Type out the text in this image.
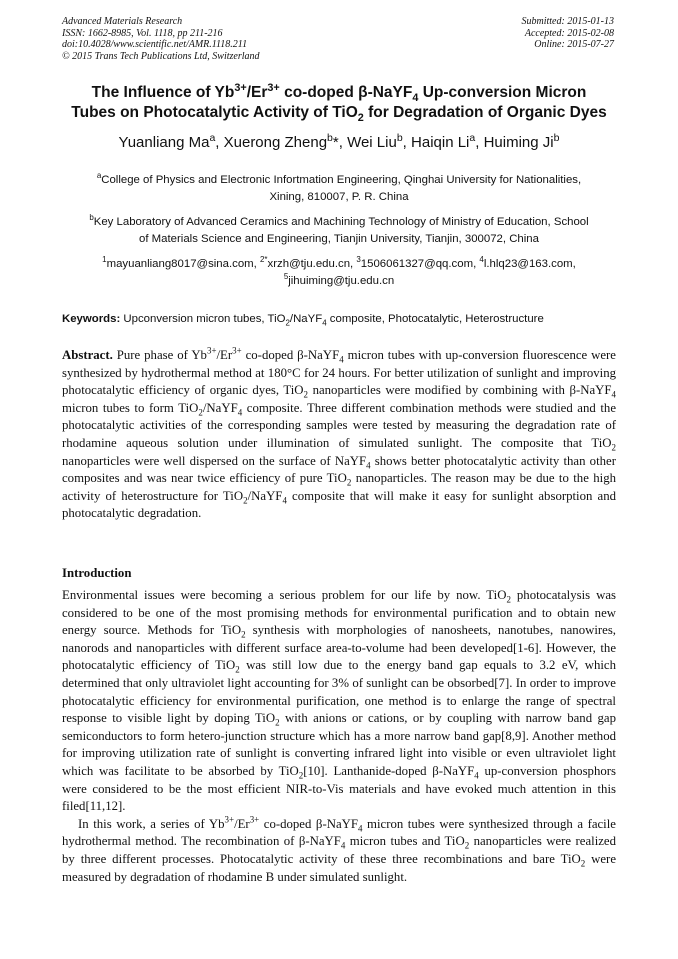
Advanced Materials Research
ISSN: 1662-8985, Vol. 1118, pp 211-216
doi:10.4028/www.scientific.net/AMR.1118.211
© 2015 Trans Tech Publications Ltd, Switzerland
Submitted: 2015-01-13
Accepted: 2015-02-08
Online: 2015-07-27
The Influence of $Yb^{3+}/Er^{3+}$ co-doped β-NaYF$_4$ Up-conversion Micron
Tubes on Photocatalytic Activity of TiO$_2$ for Degradation of Organic Dyes
Yuanliang Ma$^a$, Xuerong Zheng$^b$*, Wei Liu$^b$, Haiqin Li$^a$, Huiming Ji$^b$
$^a$College of Physics and Electronic Infortmation Engineering, Qinghai University for Nationalities,
Xining, 810007, P. R. China
$^b$Key Laboratory of Advanced Ceramics and Machining Technology of Ministry of Education, School
of Materials Science and Engineering, Tianjin University, Tianjin, 300072, China
$^1$mayuanliang8017@sina.com, $^{2*}$xrzh@tju.edu.cn, $^3$1506061327@qq.com, $^4$l.hlq23@163.com,
$^5$jihuiming@tju.edu.cn
Keywords: Upconversion micron tubes, TiO$_2$/NaYF$_4$ composite, Photocatalytic, Heterostructure
Abstract. Pure phase of $Yb^{3+}/Er^{3+}$ co-doped β-NaYF$_4$ micron tubes with up-conversion fluorescence were synthesized by hydrothermal method at 180°C for 24 hours. For better utilization of sunlight and improving photocatalytic efficiency of organic dyes, TiO$_2$ nanoparticles were modified by combining with β-NaYF$_4$ micron tubes to form TiO$_2$/NaYF$_4$ composite. Three different combination methods were studied and the photocatalytic activities of the corresponding samples were tested by measuring the degradation rate of rhodamine aqueous solution under illumination of simulated sunlight. The composite that TiO$_2$ nanoparticles were well dispersed on the surface of NaYF$_4$ shows better photocatalytic activity than other composites and was near twice efficiency of pure TiO$_2$ nanoparticles. The reason may be due to the high activity of heterostructure for TiO$_2$/NaYF$_4$ composite that will make it easy for sunlight absorption and photocatalytic degradation.
Introduction

Environmental issues were becoming a serious problem for our life by now. TiO$_2$ photocatalysis was considered to be one of the most promising methods for environmental purification and to obtain new energy source. Methods for TiO$_2$ synthesis with morphologies of nanosheets, nanotubes, nanowires, nanorods and nanoparticles with different surface area-to-volume had been developed[1-6]. However, the photocatalytic efficiency of TiO$_2$ was still low due to the energy band gap equals to 3.2 eV, which determined that only ultraviolet light accounting for 3% of sunlight can be obsorbed[7]. In order to improve photocatalytic efficiency for environmental purification, one method is to enlarge the range of spectral response to visible light by doping TiO$_2$ with anions or cations, or by coupling with narrow band gap semiconductors to form hetero-junction structure which has a more narrow band gap[8,9]. Another method for improving utilization rate of sunlight is converting infrared light into visible or even ultraviolet light which was facilitate to be absorbed by TiO$_2$[10]. Lanthanide-doped β-NaYF$_4$ up-conversion phosphors were considered to be the most efficient NIR-to-Vis materials and have evoked much attention in this filed[11,12].

In this work, a series of $Yb^{3+}/Er^{3+}$ co-doped β-NaYF$_4$ micron tubes were synthesized through a facile hydrothermal method. The recombination of β-NaYF$_4$ micron tubes and TiO$_2$ nanoparticles were realized by three different processes. Photocatalytic activity of these three recombinations and bare TiO$_2$ were measured by degradation of rhodamine B under simulated sunlight.
